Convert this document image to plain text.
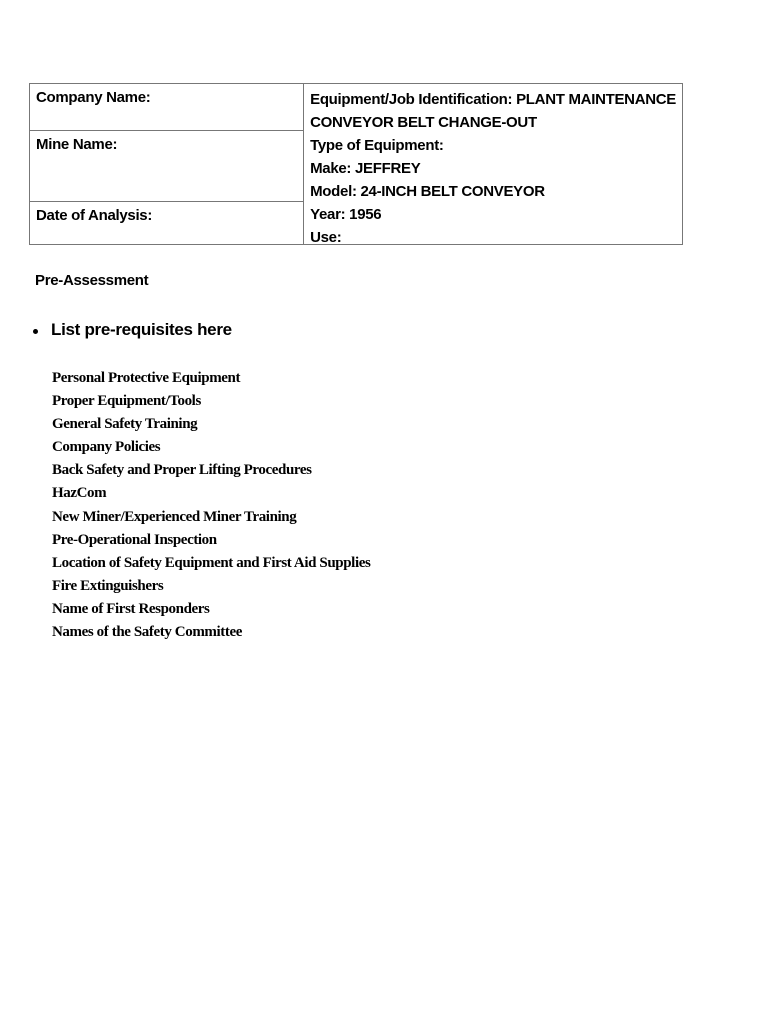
Company Name:
Mine Name:
Date of Analysis:
Equipment/Job Identification: PLANT MAINTENANCE
CONVEYOR BELT CHANGE-OUT
Type of Equipment:
Make: JEFFREY
Model: 24-INCH BELT CONVEYOR
Year: 1956
Use:
Pre-Assessment
List pre-requisites here
Personal Protective Equipment
Proper Equipment/Tools
General Safety Training
Company Policies
Back Safety and Proper Lifting Procedures
HazCom
New Miner/Experienced Miner Training
Pre-Operational Inspection
Location of Safety Equipment and First Aid Supplies
Fire Extinguishers
Name of First Responders
Names of the Safety Committee
